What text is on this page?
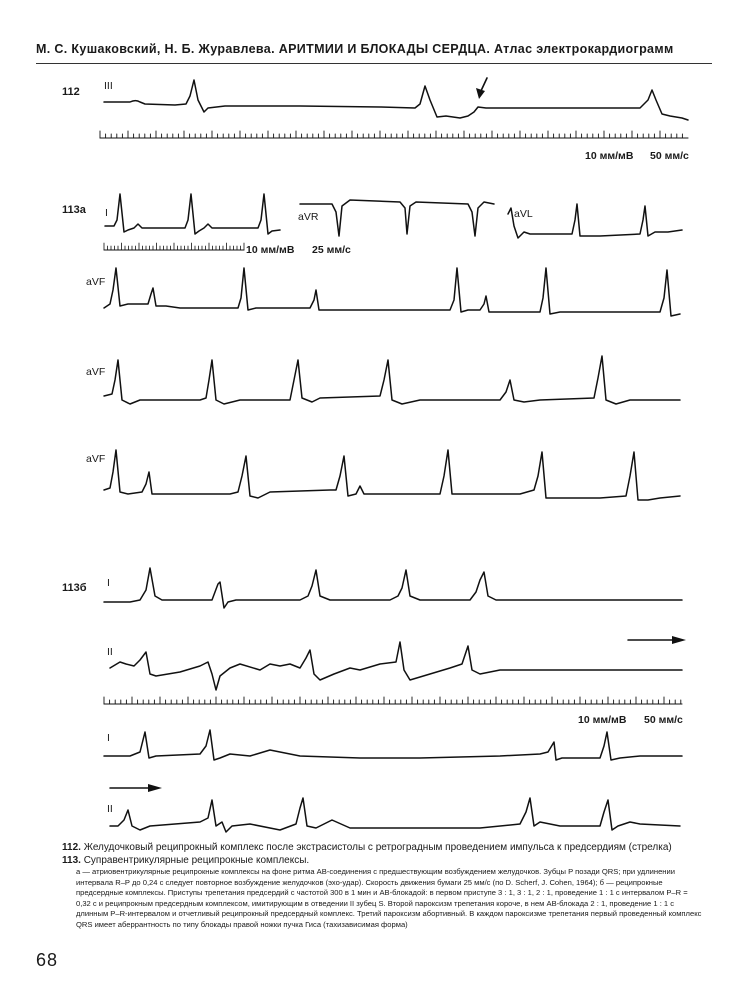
М. С. Кушаковский, Н. Б. Журавлева. АРИТМИИ И БЛОКАДЫ СЕРДЦА. Атлас электрокардиограмм
112 III
10 мм/мВ 50 мм/с
113а I	aVR	aVL
10 мм/мВ 25 мм/с
aVF
aVF
aVF
113б I
II
10 мм/мВ 50 мм/с
I
II
112. Желудочковый реципрокный комплекс после экстрасистолы с ретроградным проведением импульса к предсердиям (стрелка)
113. Суправентрикулярные реципрокные комплексы.
а — атриовентрикулярные реципрокные комплексы на фоне ритма АВ-соединения с предшествующим возбуждением желудочков. Зубцы P позади QRS; при удлинении интервала R–P до 0,24 с следует повторное возбуждение желудочков (эхо-удар). Скорость движения бумаги 25 мм/с (по D. Scherf, J. Cohen, 1964); б — реципрокные предсердные комплексы. Приступы трепетания предсердий с частотой 300 в 1 мин и АВ-блокадой: в первом приступе 3 : 1, 3 : 1, 2 : 1, проведение 1 : 1 с интервалом P–R = 0,32 с и реципрокным предсердным комплексом, имитирующим в отведении II зубец S. Второй пароксизм трепетания короче, в нем АВ-блокада 2 : 1, проведение 1 : 1 с длинным P–R-интервалом и отчетливый реципрокный предсердный комплекс. Третий пароксизм абортивный. В каждом пароксизме трепетания первый проведенный комплекс QRS имеет аберрантность по типу блокады правой ножки пучка Гиса (тахизависимая форма)
68
